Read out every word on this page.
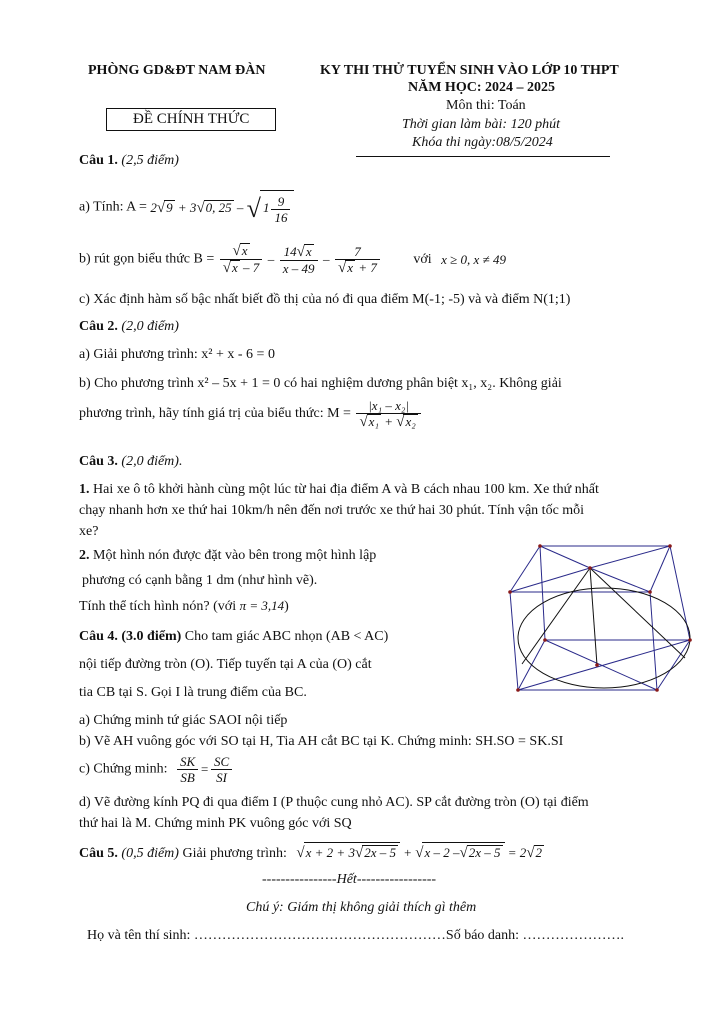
PHÒNG GD&ĐT NAM ĐÀN	KY THI THỬ TUYỂN SINH VÀO LỚP 10 THPT
NĂM HỌC: 2024 – 2025
ĐỀ CHÍNH THỨC
Môn thi: Toán
Thời gian làm bài: 120 phút
Khóa thi ngày:08/5/2024
Câu 1. (2,5 điểm)
a) Tính: A = 2√9 + 3√0, 25 – √ $1 \frac{9}{16}$
b) rút gọn biểu thức $B = \frac{√x}{√x - 7} - \frac{14√x}{x - 49} - \frac{7}{√x + 7}$ với x ≥ 0, x ≠ 49
c) Xác định hàm số bậc nhất biết đồ thị của nó đi qua điểm M(-1; -5) và và điểm N(1;1)
Câu 2. (2,0 điểm)
a) Giải phương trình: x² + x - 6 = 0
b) Cho phương trình x² – 5x + 1 = 0 có hai nghiệm dương phân biệt x₁, x₂. Không giải
phương trình, hãy tính giá trị của biểu thức: $M = \frac{\text{|x₁ – x₂|}}{\text{√x₁ + √x₂}}$
Câu 3. (2,0 điểm).
1. Hai xe ô tô khởi hành cùng một lúc từ hai địa điểm A và B cách nhau 100 km. Xe thứ nhất
chạy nhanh hơn xe thứ hai 10km/h nên đến nơi trước xe thứ hai 30 phút. Tính vận tốc mỗi
xe?
2. Một hình nón được đặt vào bên trong một hình lập
phương có cạnh bằng 1 dm (như hình vẽ).
Tính thể tích hình nón? (với π = 3,14)
Câu 4. (3.0 điểm) Cho tam giác ABC nhọn (AB < AC)
nội tiếp đường tròn (O). Tiếp tuyến tại A của (O) cắt
tia CB tại S. Gọi I là trung điểm của BC.
a) Chứng minh tứ giác SAOI nội tiếp
b) Vẽ AH vuông góc với SO tại H, Tia AH cắt BC tại K. Chứng minh: SH.SO = SK.SI
c) Chứng minh: $\frac{SK}{SB} = \frac{SC}{SI}$
d) Vẽ đường kính PQ đi qua điểm I (P thuộc cung nhỏ AC). SP cắt đường tròn (O) tại điểm
thứ hai là M. Chứng minh PK vuông góc với SQ
Câu 5. (0,5 điểm) Giải phương trình: √x + 2 + 3√2x – 5 + √x – 2 –√2x – 5 = 2√2
----------------Hết-----------------
Chú ý: Giám thị không giải thích gì thêm
Họ và tên thí sinh: ………………………………………………Số báo danh: ………………….
